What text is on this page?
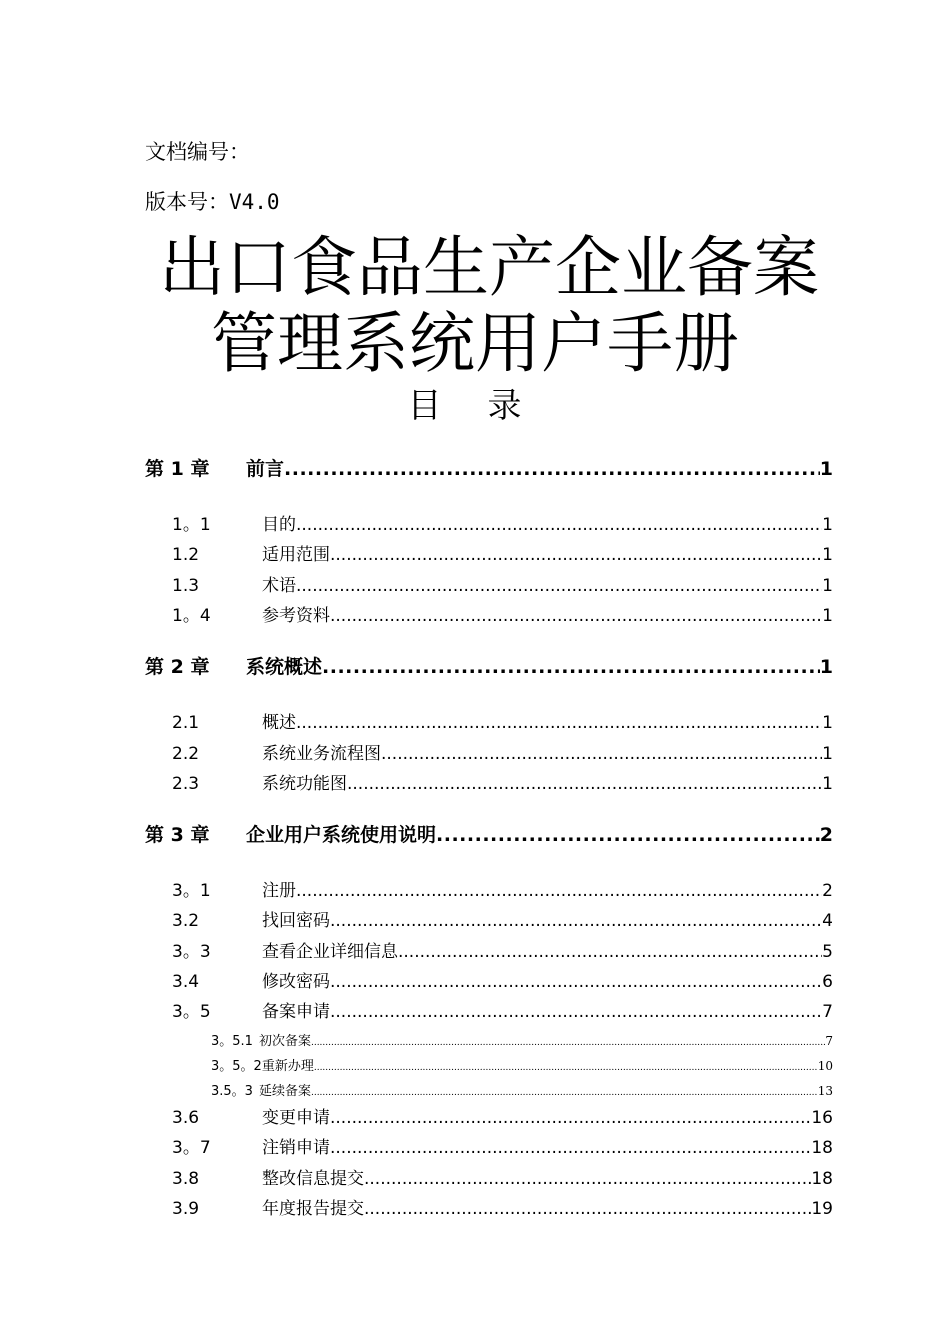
文档编号：
版本号：V4.0
出口食品生产企业备案
管理系统用户手册
目录
第 1 章	前言 .....	1
1。1	目的 .....	1
1.2	适用范围 .....	1
1.3	术语 .....	1
1。4	参考资料 .....	1
第 2 章	系统概述 .....	1
2.1	概述 .....	1
2.2	系统业务流程图 .....	1
2.3	系统功能图 .....	1
第 3 章	企业用户系统使用说明 .....	2
3。1	注册 .....	2
3.2	找回密码 .....	4
3。3	查看企业详细信息 .....	5
3.4	修改密码 .....	6
3。5	备案申请 .....	7
3。5.1 初次备案 .....	7
3。5。2 重新办理 .....	10
3.5。3 延续备案 .....	13
3.6	变更申请 .....	16
3。7	注销申请 .....	18
3.8	整改信息提交 .....	18
3.9	年度报告提交 .....	19
